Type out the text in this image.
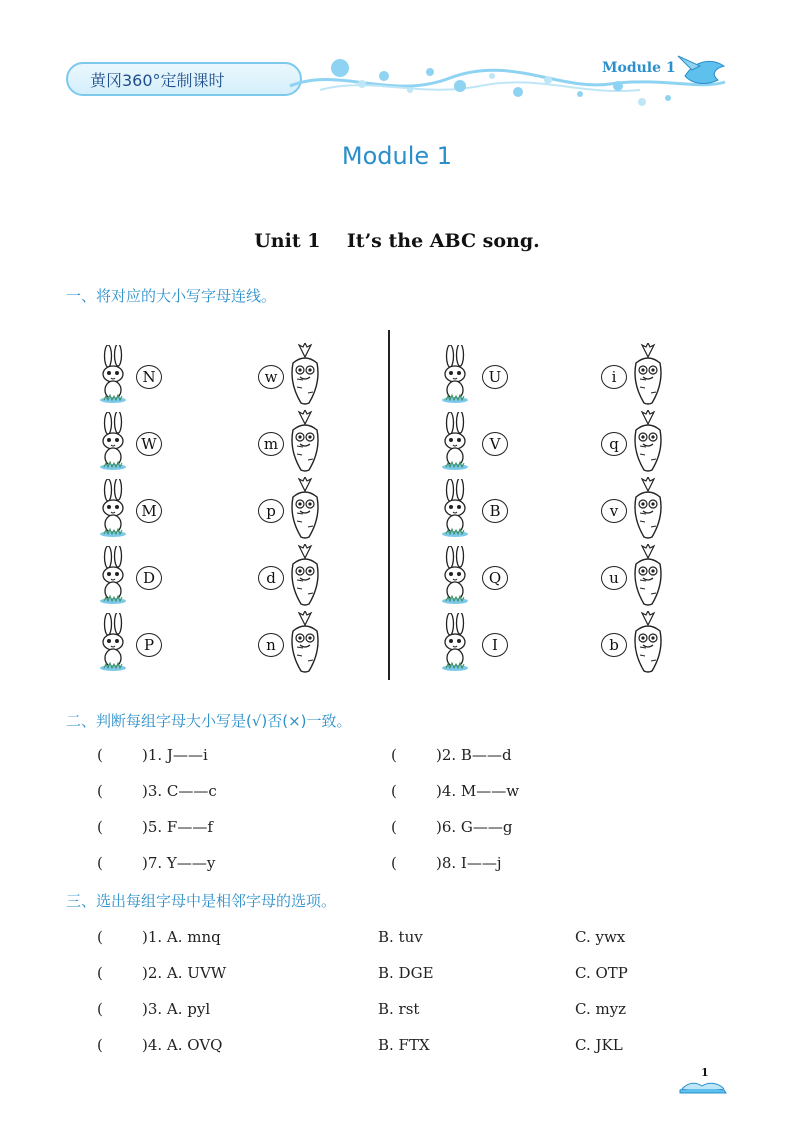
黄冈360°定制课时
Module 1
Module 1
Unit 1    It’s the ABC song.
一、将对应的大小写字母连线。
N
W
M
D
P
w
m
p
d
n
U
V
B
Q
I
i
q
v
u
b
二、判断每组字母大小写是(√)否(×)一致。
(	)1. J——i	(	)2. B——d
(	)3. C——c	(	)4. M——w
(	)5. F——f	(	)6. G——g
(	)7. Y——y	(	)8. I——j
三、选出每组字母中是相邻字母的选项。
(	)1. A. mnq	B. tuv	C. ywx
(	)2. A. UVW	B. DGE	C. OTP
(	)3. A. pyl	B. rst	C. myz
(	)4. A. OVQ	B. FTX	C. JKL
1
